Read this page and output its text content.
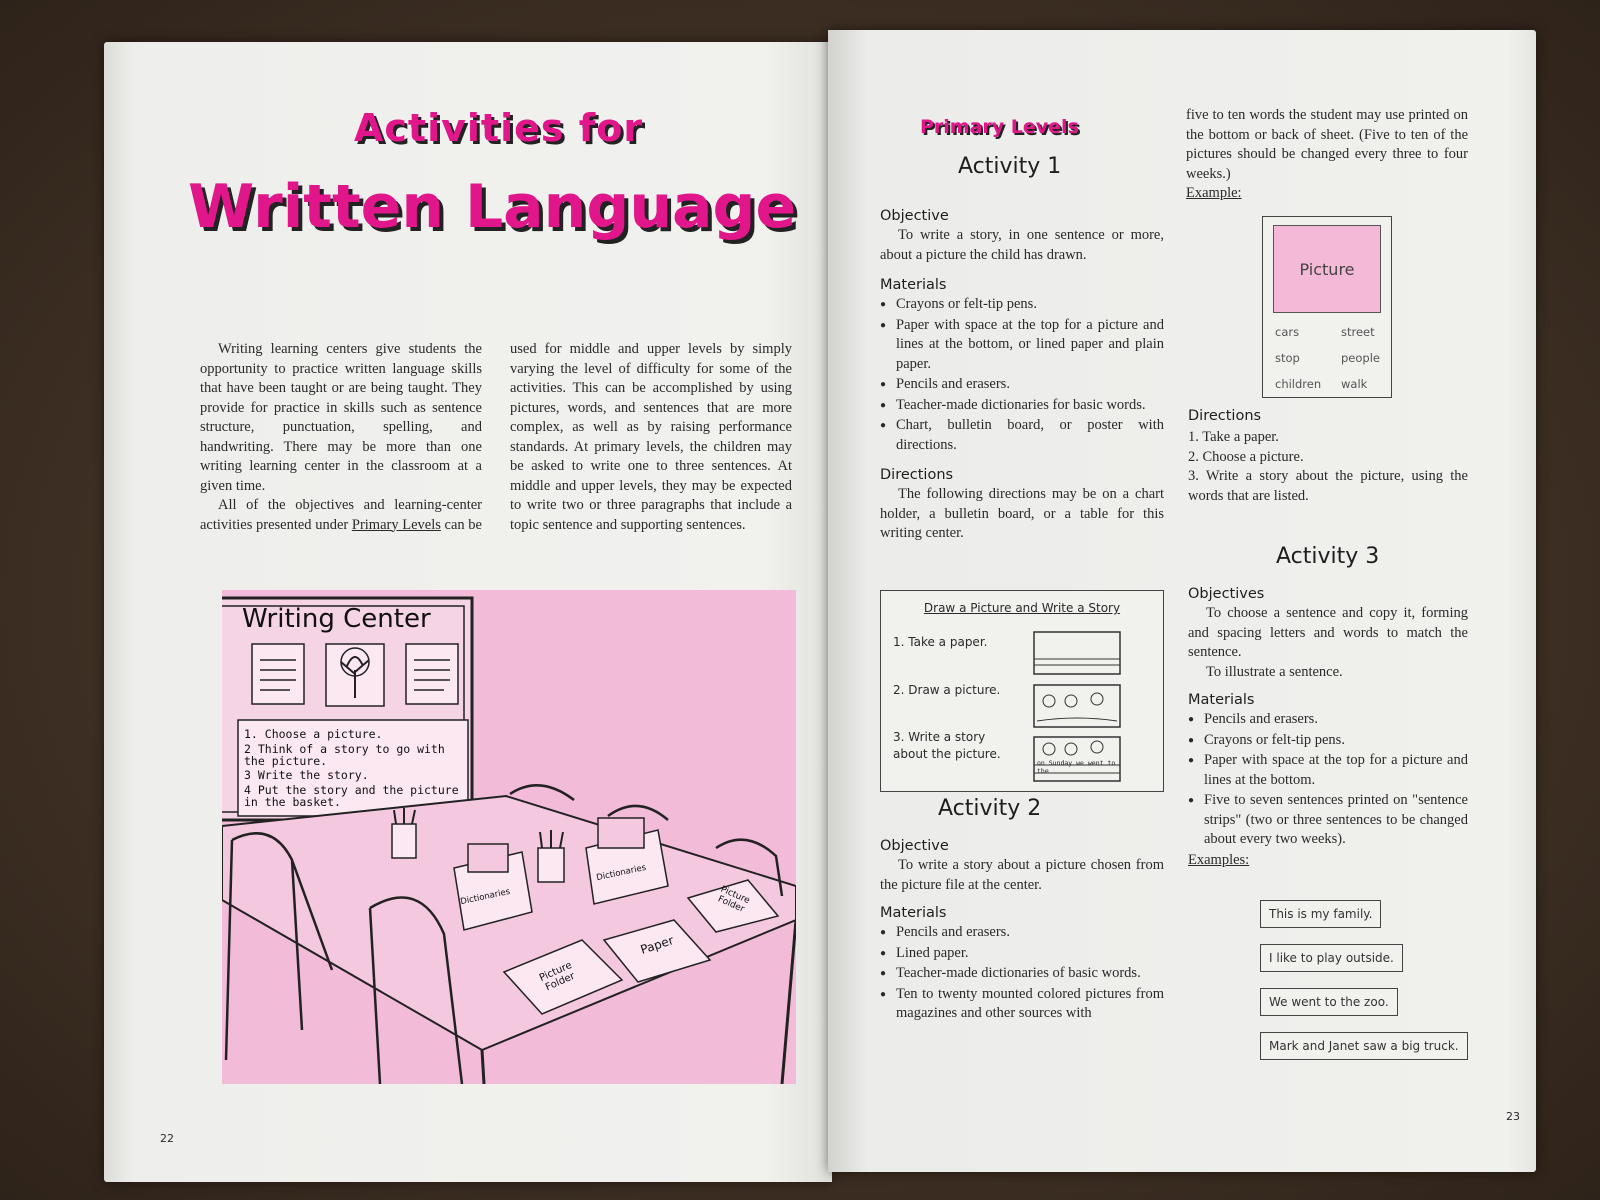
Activities for
Written Language

Writing learning centers give students the opportunity to practice written language skills that have been taught or are being taught. They provide for practice in skills such as sentence structure, punctuation, spelling, and handwriting. There may be more than one writing learning center in the classroom at a given time.

All of the objectives and learning-center activities presented under Primary Levels can be used for middle and upper levels by simply varying the level of difficulty for some of the activities. This can be accomplished by using pictures, words, and sentences that are more complex, as well as by raising performance standards. At primary levels, the children may be asked to write one to three sentences. At middle and upper levels, they may be expected to write two or three paragraphs that include a topic sentence and supporting sentences.

22
Writing Center
1. Choose a picture.
2 Think of a story to go with the picture.
3 Write the story.
4 Put the story and the picture in the basket.
Dictionaries
Dictionaries
Picture Folder
Paper
Picture Folder
Primary Levels
Activity 1
Objective

To write a story, in one sentence or more, about a picture the child has drawn.

Materials
● Crayons or felt-tip pens.
● Paper with space at the top for a picture and lines at the bottom, or lined paper and plain paper.
● Pencils and erasers.
● Teacher-made dictionaries for basic words.
● Chart, bulletin board, or poster with directions.
Directions

The following directions may be on a chart holder, a bulletin board, or a table for this writing center.

Draw a Picture and Write a Story
1. Take a paper.
2. Draw a picture.
3. Write a story about the picture.
on Sunday we went to the
Activity 2
Objective

To write a story about a picture chosen from the picture file at the center.

Materials
● Pencils and erasers.
● Lined paper.
● Teacher-made dictionaries of basic words.
● Ten to twenty mounted colored pictures from magazines and other sources with

five to ten words the student may use printed on the bottom or back of sheet. (Five to ten of the pictures should be changed every three to four weeks.)

Example:
Picture
cars
stop
children
street
people
walk
Directions
1. Take a paper.
2. Choose a picture.
3. Write a story about the picture, using the words that are listed.
Activity 3
Objectives

To choose a sentence and copy it, forming and spacing letters and words to match the sentence.

To illustrate a sentence.

Materials
● Pencils and erasers.
● Crayons or felt-tip pens.
● Paper with space at the top for a picture and lines at the bottom.
● Five to seven sentences printed on "sentence strips" (two or three sentences to be changed about every two weeks).
Examples:
This is my family.
I like to play outside.
We went to the zoo.
Mark and Janet saw a big truck.
23
